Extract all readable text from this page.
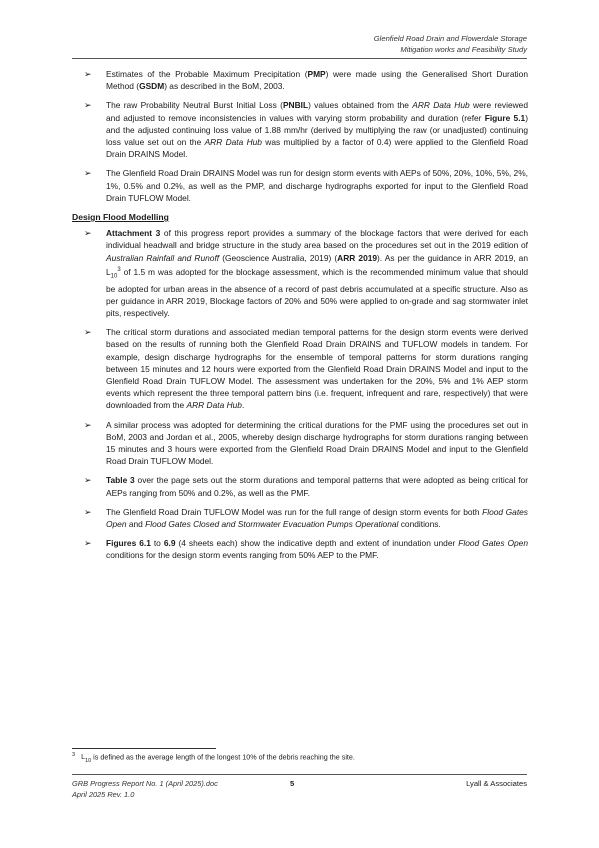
Glenfield Road Drain and Flowerdale Storage
Mitigation works and Feasibility Study
➢ Estimates of the Probable Maximum Precipitation (PMP) were made using the Generalised Short Duration Method (GSDM) as described in the BoM, 2003.
➢ The raw Probability Neutral Burst Initial Loss (PNBIL) values obtained from the ARR Data Hub were reviewed and adjusted to remove inconsistencies in values with varying storm probability and duration (refer Figure 5.1) and the adjusted continuing loss value of 1.88 mm/hr (derived by multiplying the raw (or unadjusted) continuing loss value set out on the ARR Data Hub was multiplied by a factor of 0.4) were applied to the Glenfield Road Drain DRAINS Model.
➢ The Glenfield Road Drain DRAINS Model was run for design storm events with AEPs of 50%, 20%, 10%, 5%, 2%, 1%, 0.5% and 0.2%, as well as the PMP, and discharge hydrographs exported for input to the Glenfield Road Drain TUFLOW Model.
Design Flood Modelling
➢ Attachment 3 of this progress report provides a summary of the blockage factors that were derived for each individual headwall and bridge structure in the study area based on the procedures set out in the 2019 edition of Australian Rainfall and Runoff (Geoscience Australia, 2019) (ARR 2019). As per the guidance in ARR 2019, an $L_{10}^3$ of 1.5 m was adopted for the blockage assessment, which is the recommended minimum value that should be adopted for urban areas in the absence of a record of past debris accumulated at a specific structure. Also as per guidance in ARR 2019, Blockage factors of 20% and 50% were applied to on-grade and sag stormwater inlet pits, respectively.
➢ The critical storm durations and associated median temporal patterns for the design storm events were derived based on the results of running both the Glenfield Road Drain DRAINS and TUFLOW models in tandem. For example, design discharge hydrographs for the ensemble of temporal patterns for storm durations ranging between 15 minutes and 12 hours were exported from the Glenfield Road Drain DRAINS Model and input to the Glenfield Road Drain TUFLOW Model. The assessment was undertaken for the 20%, 5% and 1% AEP storm events which represent the three temporal pattern bins (i.e. frequent, infrequent and rare, respectively) that were downloaded from the ARR Data Hub.
➢ A similar process was adopted for determining the critical durations for the PMF using the procedures set out in BoM, 2003 and Jordan et al., 2005, whereby design discharge hydrographs for storm durations ranging between 15 minutes and 3 hours were exported from the Glenfield Road Drain DRAINS Model and input to the Glenfield Road Drain TUFLOW Model.
➢ Table 3 over the page sets out the storm durations and temporal patterns that were adopted as being critical for AEPs ranging from 50% and 0.2%, as well as the PMF.
➢ The Glenfield Road Drain TUFLOW Model was run for the full range of design storm events for both Flood Gates Open and Flood Gates Closed and Stormwater Evacuation Pumps Operational conditions.
➢ Figures 6.1 to 6.9 (4 sheets each) show the indicative depth and extent of inundation under Flood Gates Open conditions for the design storm events ranging from 50% AEP to the PMF.
$^3$ $L_{10}$ is defined as the average length of the longest 10% of the debris reaching the site.
GRB Progress Report No. 1 (April 2025).doc
April 2025 Rev. 1.0
5	Lyall & Associates
